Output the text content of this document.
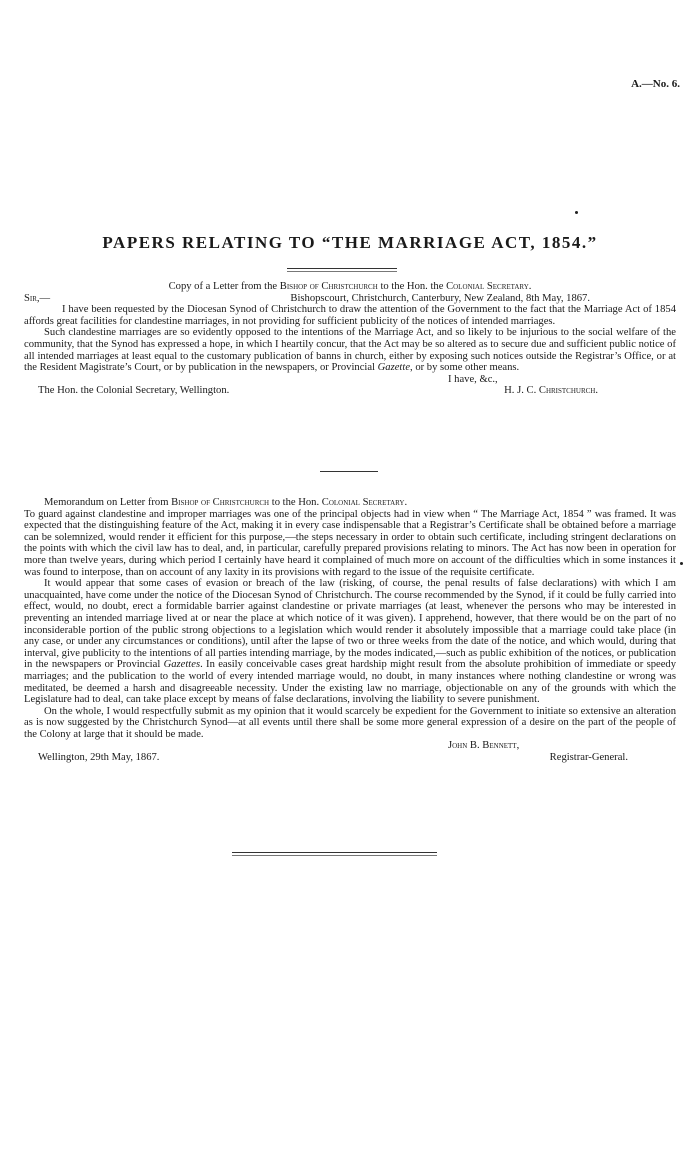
A.—No. 6.
PAPERS RELATING TO “THE MARRIAGE ACT, 1854.”

Copy of a Letter from the Bishop of Christchurch to the Hon. the Colonial Secretary.

Sir,—	Bishopscourt, Christchurch, Canterbury, New Zealand, 8th May, 1867.

I have been requested by the Diocesan Synod of Christchurch to draw the attention of the Government to the fact that the Marriage Act of 1854 affords great facilities for clandestine marriages, in not providing for sufficient publicity of the notices of intended marriages.

Such clandestine marriages are so evidently opposed to the intentions of the Marriage Act, and so likely to be injurious to the social welfare of the community, that the Synod has expressed a hope, in which I heartily concur, that the Act may be so altered as to secure due and sufficient public notice of all intended marriages at least equal to the customary publication of banns in church, either by exposing such notices outside the Registrar’s Office, or at the Resident Magistrate’s Court, or by publication in the newspapers, or Provincial Gazette, or by some other means.

I have, &c.,
The Hon. the Colonial Secretary, Wellington.	H. J. C. Christchurch.

Memorandum on Letter from Bishop of Christchurch to the Hon. Colonial Secretary.

To guard against clandestine and improper marriages was one of the principal objects had in view when “ The Marriage Act, 1854 ” was framed. It was expected that the distinguishing feature of the Act, making it in every case indispensable that a Registrar’s Certificate shall be obtained before a marriage can be solemnized, would render it efficient for this purpose,—the steps necessary in order to obtain such certificate, including stringent declarations on the points with which the civil law has to deal, and, in particular, carefully prepared provisions relating to minors. The Act has now been in operation for more than twelve years, during which period I certainly have heard it complained of much more on account of the difficulties which in some instances it was found to interpose, than on account of any laxity in its provisions with regard to the issue of the requisite certificate.

It would appear that some cases of evasion or breach of the law (risking, of course, the penal results of false declarations) with which I am unacquainted, have come under the notice of the Diocesan Synod of Christchurch. The course recommended by the Synod, if it could be fully carried into effect, would, no doubt, erect a formidable barrier against clandestine or private marriages (at least, whenever the persons who may be interested in preventing an intended marriage lived at or near the place at which notice of it was given). I apprehend, however, that there would be on the part of no inconsiderable portion of the public strong objections to a legislation which would render it absolutely impossible that a marriage could take place (in any case, or under any circumstances or conditions), until after the lapse of two or three weeks from the date of the notice, and which would, during that interval, give publicity to the intentions of all parties intending marriage, by the modes indicated,—such as public exhibition of the notices, or publication in the newspapers or Provincial Gazettes. In easily conceivable cases great hardship might result from the absolute prohibition of immediate or speedy marriages; and the publication to the world of every intended marriage would, no doubt, in many instances where nothing clandestine or wrong was meditated, be deemed a harsh and disagreeable necessity. Under the existing law no marriage, objectionable on any of the grounds with which the Legislature had to deal, can take place except by means of false declarations, involving the liability to severe punishment.

On the whole, I would respectfully submit as my opinion that it would scarcely be expedient for the Government to initiate so extensive an alteration as is now suggested by the Christchurch Synod—at all events until there shall be some more general expression of a desire on the part of the people of the Colony at large that it should be made.

John B. Bennett,
Wellington, 29th May, 1867.	Registrar-General.
